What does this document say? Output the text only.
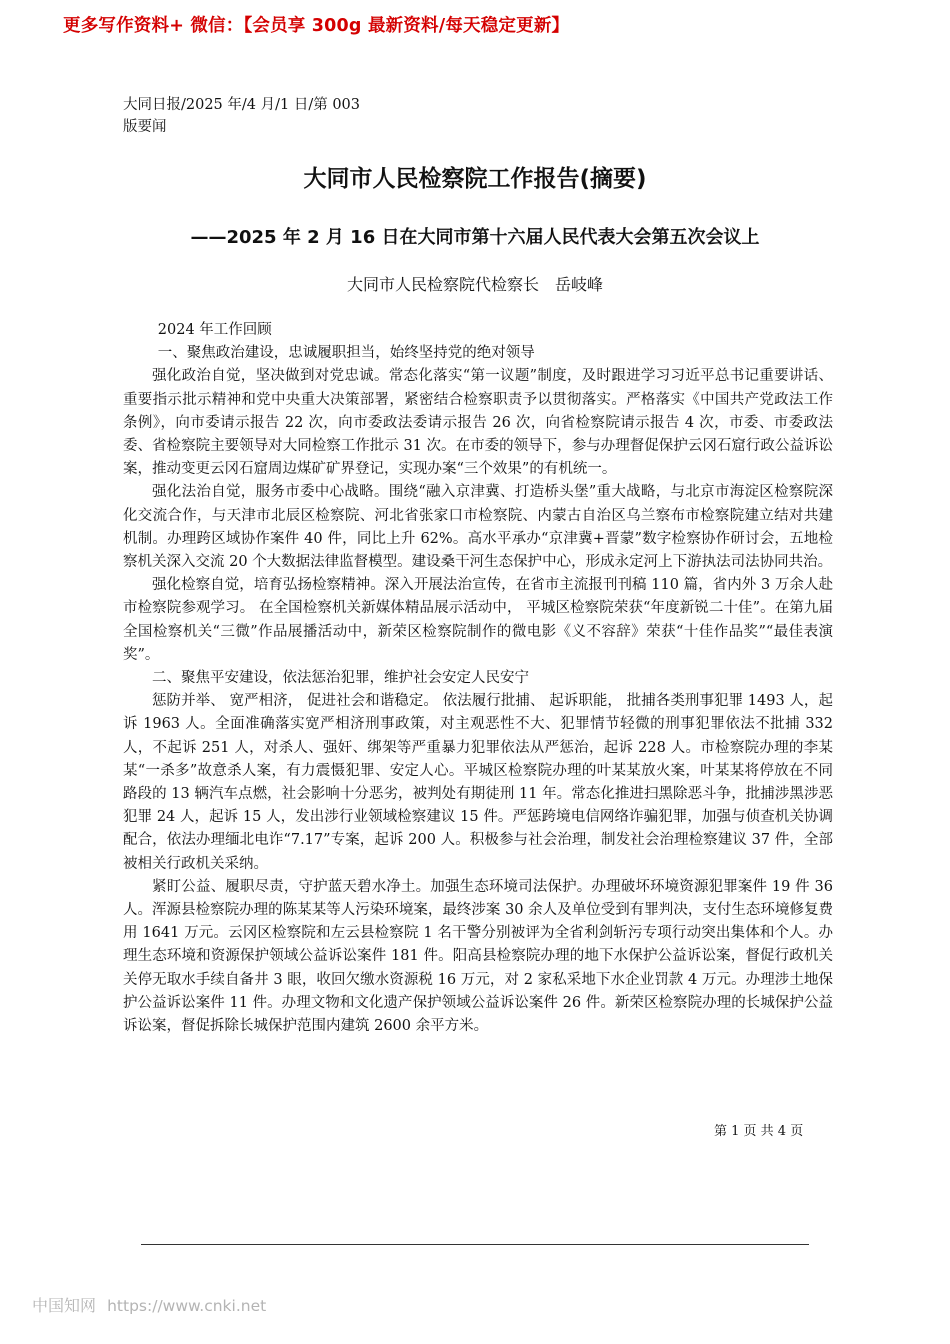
更多写作资料+ 微信：【会员享 300g 最新资料/每天稳定更新】
大同日报/2025 年/4 月/1 日/第 003
版要闻
大同市人民检察院工作报告(摘要)
——2025 年 2 月 16 日在大同市第十六届人民代表大会第五次会议上
大同市人民检察院代检察长　岳岐峰

2024 年工作回顾

一、聚焦政治建设，忠诚履职担当，始终坚持党的绝对领导

强化政治自觉，坚决做到对党忠诚。常态化落实“第一议题”制度，及时跟进学习习近平总书记重要讲话、重要指示批示精神和党中央重大决策部署，紧密结合检察职责予以贯彻落实。严格落实《中国共产党政法工作条例》，向市委请示报告 22 次，向市委政法委请示报告 26 次，向省检察院请示报告 4 次，市委、市委政法委、省检察院主要领导对大同检察工作批示 31 次。在市委的领导下，参与办理督促保护云冈石窟行政公益诉讼案，推动变更云冈石窟周边煤矿矿界登记，实现办案“三个效果”的有机统一。

强化法治自觉，服务市委中心战略。围绕“融入京津冀、打造桥头堡”重大战略，与北京市海淀区检察院深化交流合作，与天津市北辰区检察院、河北省张家口市检察院、内蒙古自治区乌兰察布市检察院建立结对共建机制。办理跨区域协作案件 40 件，同比上升 62%。高水平承办“京津冀+晋蒙”数字检察协作研讨会，五地检察机关深入交流 20 个大数据法律监督模型。建设桑干河生态保护中心，形成永定河上下游执法司法协同共治。

强化检察自觉，培育弘扬检察精神。深入开展法治宣传，在省市主流报刊刊稿 110 篇，省内外 3 万余人赴市检察院参观学习。 在全国检察机关新媒体精品展示活动中， 平城区检察院荣获“年度新锐二十佳”。在第九届全国检察机关“三微”作品展播活动中，新荣区检察院制作的微电影《义不容辞》荣获“十佳作品奖”“最佳表演奖”。

二、聚焦平安建设，依法惩治犯罪，维护社会安定人民安宁

惩防并举、 宽严相济， 促进社会和谐稳定。 依法履行批捕、 起诉职能， 批捕各类刑事犯罪 1493 人，起诉 1963 人。全面准确落实宽严相济刑事政策，对主观恶性不大、犯罪情节轻微的刑事犯罪依法不批捕 332 人，不起诉 251 人，对杀人、强奸、绑架等严重暴力犯罪依法从严惩治，起诉 228 人。市检察院办理的李某某“一杀多”故意杀人案，有力震慑犯罪、安定人心。平城区检察院办理的叶某某放火案，叶某某将停放在不同路段的 13 辆汽车点燃，社会影响十分恶劣，被判处有期徒刑 11 年。常态化推进扫黑除恶斗争，批捕涉黑涉恶犯罪 24 人，起诉 15 人，发出涉行业领域检察建议 15 件。严惩跨境电信网络诈骗犯罪，加强与侦查机关协调配合，依法办理缅北电诈“7.17”专案，起诉 200 人。积极参与社会治理，制发社会治理检察建议 37 件，全部被相关行政机关采纳。

紧盯公益、履职尽责，守护蓝天碧水净土。加强生态环境司法保护。办理破坏环境资源犯罪案件 19 件 36 人。浑源县检察院办理的陈某某等人污染环境案，最终涉案 30 余人及单位受到有罪判决，支付生态环境修复费用 1641 万元。云冈区检察院和左云县检察院 1 名干警分别被评为全省利剑斩污专项行动突出集体和个人。办理生态环境和资源保护领域公益诉讼案件 181 件。阳高县检察院办理的地下水保护公益诉讼案，督促行政机关关停无取水手续自备井 3 眼，收回欠缴水资源税 16 万元，对 2 家私采地下水企业罚款 4 万元。办理涉土地保护公益诉讼案件 11 件。办理文物和文化遗产保护领域公益诉讼案件 26 件。新荣区检察院办理的长城保护公益诉讼案，督促拆除长城保护范围内建筑 2600 余平方米。

第 1 页 共 4 页
中国知网 https://www.cnki.net
